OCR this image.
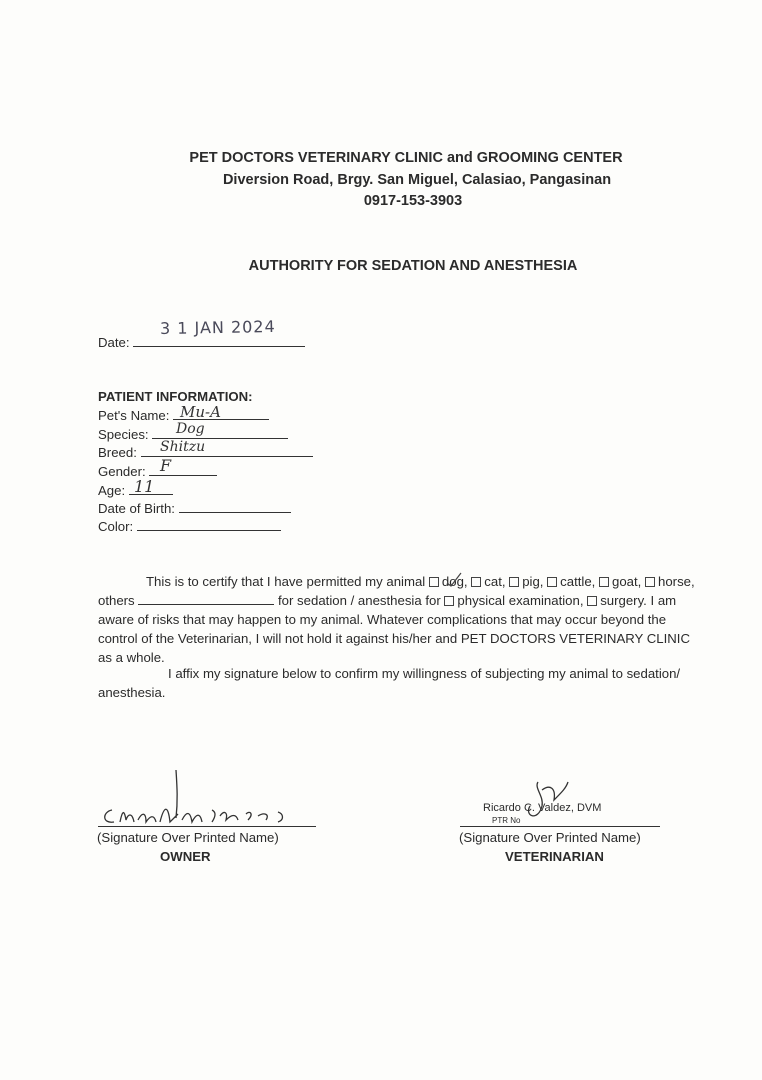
PET DOCTORS VETERINARY CLINIC and GROOMING CENTER
Diversion Road, Brgy. San Miguel, Calasiao, Pangasinan
0917-153-3903
AUTHORITY FOR SEDATION AND ANESTHESIA
Date:
3 1 JAN 2024
PATIENT INFORMATION:
Pet's Name: Mu-A
Species:	Dog
Breed:	Shitzu
Gender: F
Age: 11
Date of Birth:
Color:
This is to certify that I have permitted my animal dog, cat, pig, cattle, goat, horse, others	for sedation / anesthesia for physical examination, surgery. I am aware of risks that may happen to my animal. Whatever complications that may occur beyond the control of the Veterinarian, I will not hold it against his/her and PET DOCTORS VETERINARY CLINIC as a whole.
I affix my signature below to confirm my willingness of subjecting my animal to sedation/ anesthesia.
(Signature Over Printed Name)
OWNER
Ricardo C. Valdez, DVM
PTR No
(Signature Over Printed Name)
VETERINARIAN
